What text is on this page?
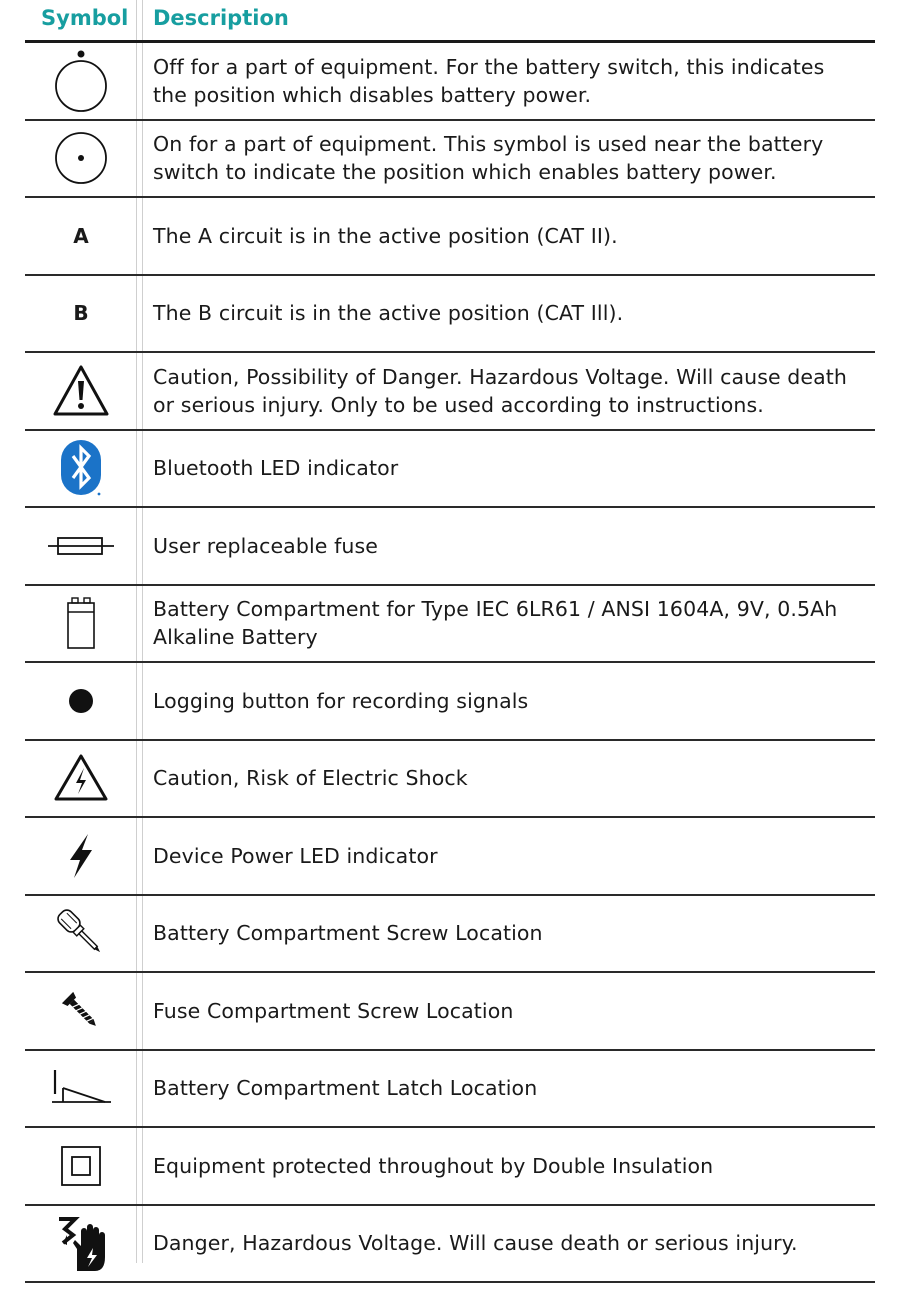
Symbol Description
Off for a part of equipment. For the battery switch, this indicates the position which disables battery power.
On for a part of equipment. This symbol is used near the battery switch to indicate the position which enables battery power.
A	The A circuit is in the active position (CAT II).
B	The B circuit is in the active position (CAT Ill).
Caution, Possibility of Danger. Hazardous Voltage. Will cause death or serious injury. Only to be used according to instructions.
Bluetooth LED indicator
User replaceable fuse
Battery Compartment for Type IEC 6LR61 / ANSI 1604A, 9V, 0.5Ah Alkaline Battery
Logging button for recording signals
Caution, Risk of Electric Shock
Device Power LED indicator
Battery Compartment Screw Location
Fuse Compartment Screw Location
Battery Compartment Latch Location
Equipment protected throughout by Double Insulation
Danger, Hazardous Voltage. Will cause death or serious injury.
